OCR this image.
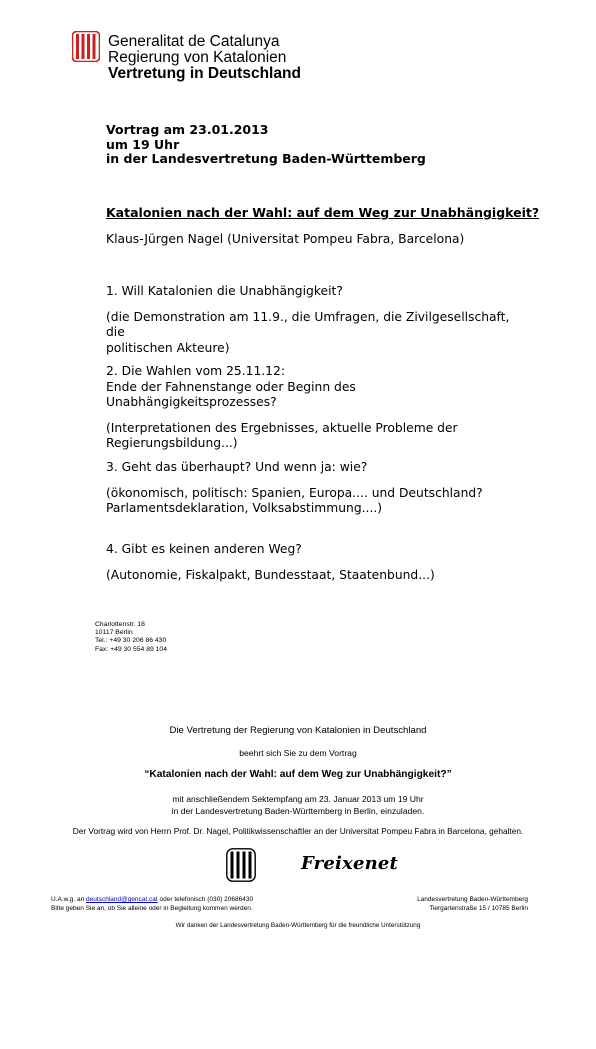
Generalitat de Catalunya
Regierung von Katalonien
Vertretung in Deutschland
Vortrag am 23.01.2013
um 19 Uhr
in der Landesvertretung Baden-Württemberg
Katalonien nach der Wahl: auf dem Weg zur Unabhängigkeit?
Klaus-Jürgen Nagel (Universitat Pompeu Fabra, Barcelona)

1. Will Katalonien die Unabhängigkeit?

(die Demonstration am 11.9., die Umfragen, die Zivilgesellschaft, die

politischen Akteure)

2. Die Wahlen vom 25.11.12:

Ende der Fahnenstange oder Beginn des Unabhängigkeitsprozesses?

(Interpretationen des Ergebnisses, aktuelle Probleme der

Regierungsbildung...)

3. Geht das überhaupt? Und wenn ja: wie?

(ökonomisch, politisch: Spanien, Europa.... und Deutschland?

Parlamentsdeklaration, Volksabstimmung....)

4. Gibt es keinen anderen Weg?

(Autonomie, Fiskalpakt, Bundesstaat, Staatenbund...)

Charlottenstr. 18
10117 Berlin
Tel.: +49 30 206 86 430
Fax: +49 30 554 89 104
Die Vertretung der Regierung von Katalonien in Deutschland
beehrt sich Sie zu dem Vortrag
“Katalonien nach der Wahl: auf dem Weg zur Unabhängigkeit?”
mit anschließendem Sektempfang am 23. Januar 2013 um 19 Uhr
in der Landesvertretung Baden-Württemberg in Berlin, einzuladen.
Der Vortrag wird von Herrn Prof. Dr. Nagel, Politikwissenschaftler an der Universitat Pompeu Fabra in Barcelona, gehalten.
Freixenet
U.A.w.g. an deutschland@gencat.cat oder telefonisch (030) 20686430
Bitte geben Sie an, ob Sie alleine oder in Begleitung kommen werden.
Landesvertretung Baden-Württemberg
Tiergartenstraße 15 / 10785 Berlin
Wir danken der Landesvertretung Baden-Württemberg für die freundliche Unterstützung
